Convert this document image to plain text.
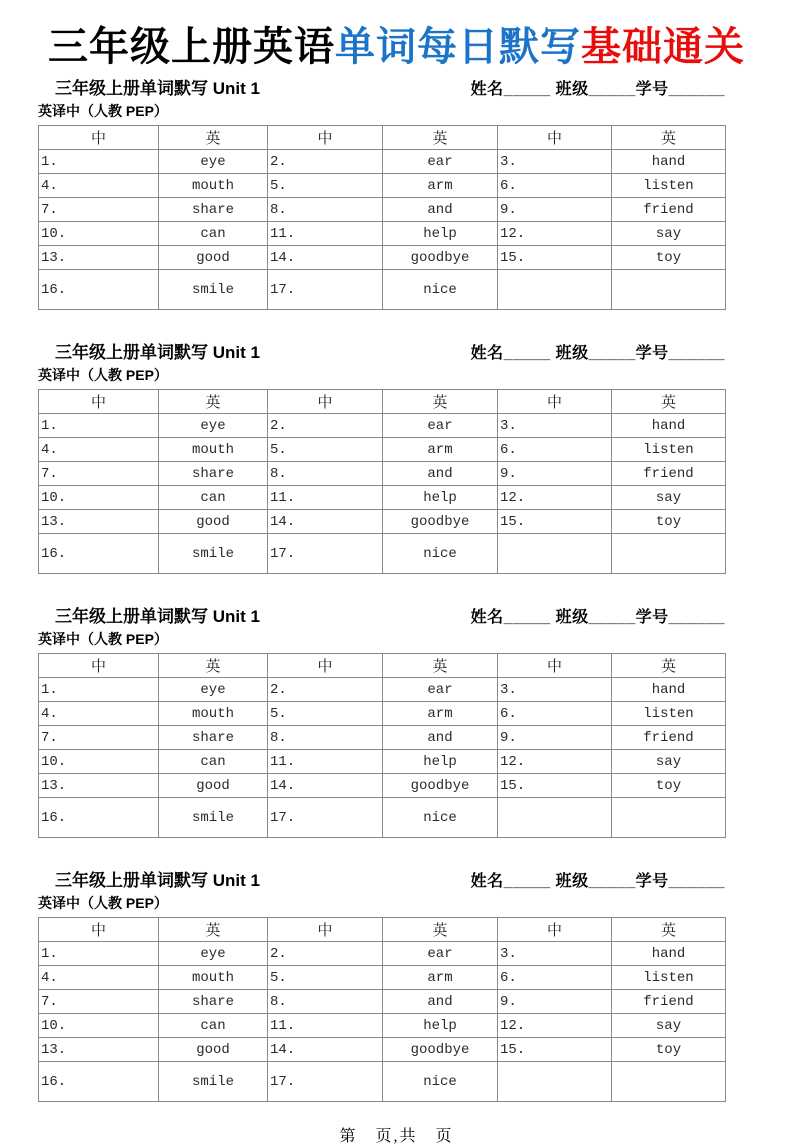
三年级上册英语单词每日默写基础通关
三年级上册单词默写 Unit 1	姓名_____ 班级_____学号______
英译中（人教 PEP）
中	英	中	英	中	英
1.	eye	2.	ear	3.	hand
4.	mouth	5.	arm	6.	listen
7.	share	8.	and	9.	friend
10.	can	11.	help	12.	say
13.	good	14.	goodbye	15.	toy
16.	smile	17.	nice		
三年级上册单词默写 Unit 1	姓名_____ 班级_____学号______
英译中（人教 PEP）
中	英	中	英	中	英
1.	eye	2.	ear	3.	hand
4.	mouth	5.	arm	6.	listen
7.	share	8.	and	9.	friend
10.	can	11.	help	12.	say
13.	good	14.	goodbye	15.	toy
16.	smile	17.	nice		
三年级上册单词默写 Unit 1	姓名_____ 班级_____学号______
英译中（人教 PEP）
中	英	中	英	中	英
1.	eye	2.	ear	3.	hand
4.	mouth	5.	arm	6.	listen
7.	share	8.	and	9.	friend
10.	can	11.	help	12.	say
13.	good	14.	goodbye	15.	toy
16.	smile	17.	nice		
三年级上册单词默写 Unit 1	姓名_____ 班级_____学号______
英译中（人教 PEP）
中	英	中	英	中	英
1.	eye	2.	ear	3.	hand
4.	mouth	5.	arm	6.	listen
7.	share	8.	and	9.	friend
10.	can	11.	help	12.	say
13.	good	14.	goodbye	15.	toy
16.	smile	17.	nice		
第　页,共　页
